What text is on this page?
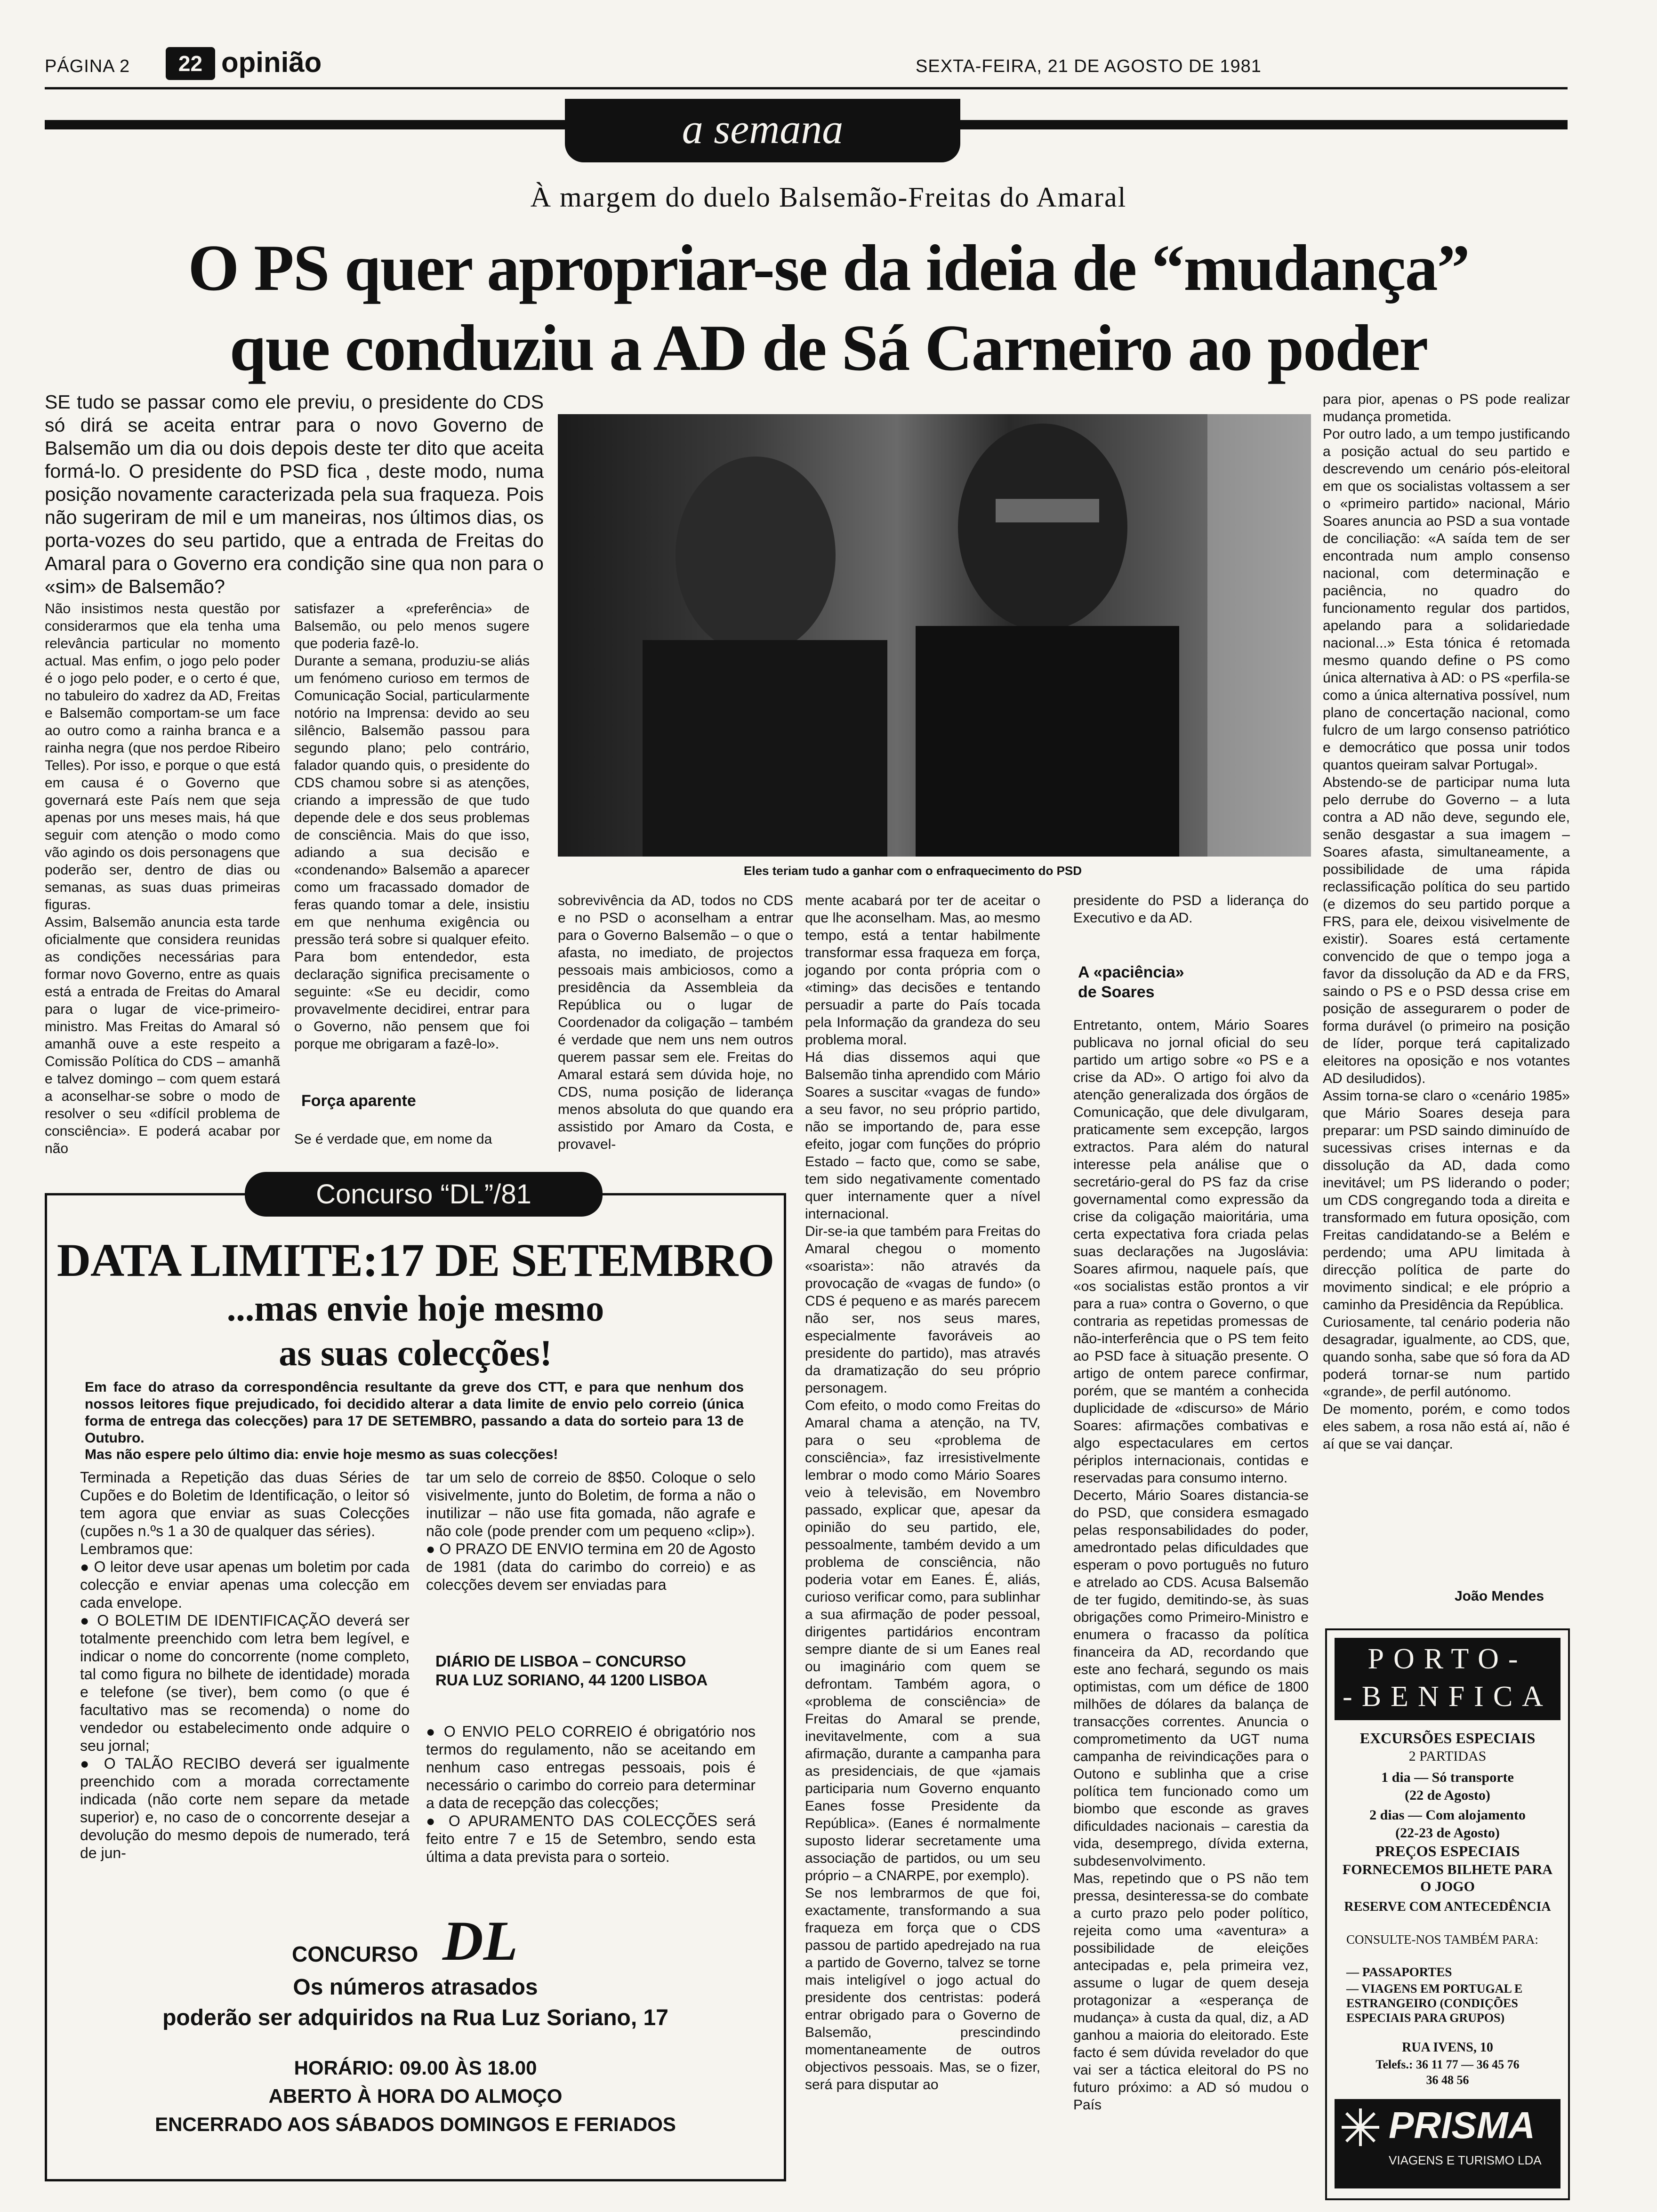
PÁGINA 2	22 opinião	SEXTA-FEIRA, 21 DE AGOSTO DE 1981
a semana
À margem do duelo Balsemão-Freitas do Amaral
O PS quer apropriar-se da ideia de “mudança”
que conduziu a AD de Sá Carneiro ao poder
SE tudo se passar como ele previu, o presidente do CDS só dirá se aceita entrar para o novo Governo de Balsemão um dia ou dois depois deste ter dito que aceita formá-lo. O presidente do PSD fica , deste modo, numa posição novamente caracterizada pela sua fraqueza. Pois não sugeriram de mil e um maneiras, nos últimos dias, os porta-vozes do seu partido, que a entrada de Freitas do Amaral para o Governo era condição sine qua non para o «sim» de Balsemão?
Eles teriam tudo a ganhar com o enfraquecimento do PSD
Não insistimos nesta questão por considerarmos que ela tenha uma relevância particular no momento actual. Mas enfim, o jogo pelo poder é o jogo pelo poder, e o certo é que, no tabuleiro do xadrez da AD, Freitas e Balsemão comportam-se um face ao outro como a rainha branca e a rainha negra (que nos perdoe Ribeiro Telles). Por isso, e porque o que está em causa é o Governo que governará este País nem que seja apenas por uns meses mais, há que seguir com atenção o modo como vão agindo os dois personagens que poderão ser, dentro de dias ou semanas, as suas duas primeiras figuras.
Assim, Balsemão anuncia esta tarde oficialmente que considera reunidas as condições necessárias para formar novo Governo, entre as quais está a entrada de Freitas do Amaral para o lugar de vice-primeiro-ministro. Mas Freitas do Amaral só amanhã ouve a este respeito a Comissão Política do CDS – amanhã e talvez domingo – com quem estará a aconselhar-se sobre o modo de resolver o seu «difícil problema de consciência». E poderá acabar por não
satisfazer a «preferência» de Balsemão, ou pelo menos sugere que poderia fazê-lo.
Durante a semana, produziu-se aliás um fenómeno curioso em termos de Comunicação Social, particularmente notório na Imprensa: devido ao seu silêncio, Balsemão passou para segundo plano; pelo contrário, falador quando quis, o presidente do CDS chamou sobre si as atenções, criando a impressão de que tudo depende dele e dos seus problemas de consciência. Mais do que isso, adiando a sua decisão e «condenando» Balsemão a aparecer como um fracassado domador de feras quando tomar a dele, insistiu em que nenhuma exigência ou pressão terá sobre si qualquer efeito. Para bom entendedor, esta declaração significa precisamente o seguinte: «Se eu decidir, como provavelmente decidirei, entrar para o Governo, não pensem que foi porque me obrigaram a fazê-lo».
Força aparente
Se é verdade que, em nome da
sobrevivência da AD, todos no CDS e no PSD o aconselham a entrar para o Governo Balsemão – o que o afasta, no imediato, de projectos pessoais mais ambiciosos, como a presidência da Assembleia da República ou o lugar de Coordenador da coligação – também é verdade que nem uns nem outros querem passar sem ele. Freitas do Amaral estará sem dúvida hoje, no CDS, numa posição de liderança menos absoluta do que quando era assistido por Amaro da Costa, e provavel-
mente acabará por ter de aceitar o que lhe aconselham. Mas, ao mesmo tempo, está a tentar habilmente transformar essa fraqueza em força, jogando por conta própria com o «timing» das decisões e tentando persuadir a parte do País tocada pela Informação da grandeza do seu problema moral.
Há dias dissemos aqui que Balsemão tinha aprendido com Mário Soares a suscitar «vagas de fundo» a seu favor, no seu próprio partido, não se importando de, para esse efeito, jogar com funções do próprio Estado – facto que, como se sabe, tem sido negativamente comentado quer internamente quer a nível internacional.
Dir-se-ia que também para Freitas do Amaral chegou o momento «soarista»: não através da provocação de «vagas de fundo» (o CDS é pequeno e as marés parecem não ser, nos seus mares, especialmente favoráveis ao presidente do partido), mas através da dramatização do seu próprio personagem.
Com efeito, o modo como Freitas do Amaral chama a atenção, na TV, para o seu «problema de consciência», faz irresistivelmente lembrar o modo como Mário Soares veio à televisão, em Novembro passado, explicar que, apesar da opinião do seu partido, ele, pessoalmente, também devido a um problema de consciência, não poderia votar em Eanes. É, aliás, curioso verificar como, para sublinhar a sua afirmação de poder pessoal, dirigentes partidários encontram sempre diante de si um Eanes real ou imaginário com quem se defrontam. Também agora, o «problema de consciência» de Freitas do Amaral se prende, inevitavelmente, com a sua afirmação, durante a campanha para as presidenciais, de que «jamais participaria num Governo enquanto Eanes fosse Presidente da República». (Eanes é normalmente suposto liderar secretamente uma associação de partidos, ou um seu próprio – a CNARPE, por exemplo).
Se nos lembrarmos de que foi, exactamente, transformando a sua fraqueza em força que o CDS passou de partido apedrejado na rua a partido de Governo, talvez se torne mais inteligível o jogo actual do presidente dos centristas: poderá entrar obrigado para o Governo de Balsemão, prescindindo momentaneamente de outros objectivos pessoais. Mas, se o fizer, será para disputar ao
presidente do PSD a liderança do Executivo e da AD.
A «paciência» de Soares
Entretanto, ontem, Mário Soares publicava no jornal oficial do seu partido um artigo sobre «o PS e a crise da AD». O artigo foi alvo da atenção generalizada dos órgãos de Comunicação, que dele divulgaram, praticamente sem excepção, largos extractos. Para além do natural interesse pela análise que o secretário-geral do PS faz da crise governamental como expressão da crise da coligação maioritária, uma certa expectativa fora criada pelas suas declarações na Jugoslávia: Soares afirmou, naquele país, que «os socialistas estão prontos a vir para a rua» contra o Governo, o que contraria as repetidas promessas de não-interferência que o PS tem feito ao PSD face à situação presente. O artigo de ontem parece confirmar, porém, que se mantém a conhecida duplicidade de «discurso» de Mário Soares: afirmações combativas e algo espectaculares em certos périplos internacionais, contidas e reservadas para consumo interno.
Decerto, Mário Soares distancia-se do PSD, que considera esmagado pelas responsabilidades do poder, amedrontado pelas dificuldades que esperam o povo português no futuro e atrelado ao CDS. Acusa Balsemão de ter fugido, demitindo-se, às suas obrigações como Primeiro-Ministro e enumera o fracasso da política financeira da AD, recordando que este ano fechará, segundo os mais optimistas, com um défice de 1800 milhões de dólares da balança de transacções correntes. Anuncia o comprometimento da UGT numa campanha de reivindicações para o Outono e sublinha que a crise política tem funcionado como um biombo que esconde as graves dificuldades nacionais – carestia da vida, desemprego, dívida externa, subdesenvolvimento.
Mas, repetindo que o PS não tem pressa, desinteressa-se do combate a curto prazo pelo poder político, rejeita como uma «aventura» a possibilidade de eleições antecipadas e, pela primeira vez, assume o lugar de quem deseja protagonizar a «esperança de mudança» à custa da qual, diz, a AD ganhou a maioria do eleitorado. Este facto é sem dúvida revelador do que vai ser a táctica eleitoral do PS no futuro próximo: a AD só mudou o País
para pior, apenas o PS pode realizar mudança prometida.
Por outro lado, a um tempo justificando a posição actual do seu partido e descrevendo um cenário pós-eleitoral em que os socialistas voltassem a ser o «primeiro partido» nacional, Mário Soares anuncia ao PSD a sua vontade de conciliação: «A saída tem de ser encontrada num amplo consenso nacional, com determinação e paciência, no quadro do funcionamento regular dos partidos, apelando para a solidariedade nacional...» Esta tónica é retomada mesmo quando define o PS como única alternativa à AD: o PS «perfila-se como a única alternativa possível, num plano de concertação nacional, como fulcro de um largo consenso patriótico e democrático que possa unir todos quantos queiram salvar Portugal».
Abstendo-se de participar numa luta pelo derrube do Governo – a luta contra a AD não deve, segundo ele, senão desgastar a sua imagem – Soares afasta, simultaneamente, a possibilidade de uma rápida reclassificação política do seu partido (e dizemos do seu partido porque a FRS, para ele, deixou visivelmente de existir). Soares está certamente convencido de que o tempo joga a favor da dissolução da AD e da FRS, saindo o PS e o PSD dessa crise em posição de assegurarem o poder de forma durável (o primeiro na posição de líder, porque terá capitalizado eleitores na oposição e nos votantes AD desiludidos).
Assim torna-se claro o «cenário 1985» que Mário Soares deseja para preparar: um PSD saindo diminuído de sucessivas crises internas e da dissolução da AD, dada como inevitável; um PS liderando o poder; um CDS congregando toda a direita e transformado em futura oposição, com Freitas candidatando-se a Belém e perdendo; uma APU limitada à direcção política de parte do movimento sindical; e ele próprio a caminho da Presidência da República.
Curiosamente, tal cenário poderia não desagradar, igualmente, ao CDS, que, quando sonha, sabe que só fora da AD poderá tornar-se num partido «grande», de perfil autónomo.
De momento, porém, e como todos eles sabem, a rosa não está aí, não é aí que se vai dançar.
João Mendes
Concurso “DL”/81
DATA LIMITE:17 DE SETEMBRO
...mas envie hoje mesmo
as suas colecções!
Em face do atraso da correspondência resultante da greve dos CTT, e para que nenhum dos nossos leitores fique prejudicado, foi decidido alterar a data limite de envio pelo correio (única forma de entrega das colecções) para 17 DE SETEMBRO, passando a data do sorteio para 13 de Outubro.
Mas não espere pelo último dia: envie hoje mesmo as suas colecções!
Terminada a Repetição das duas Séries de Cupões e do Boletim de Identificação, o leitor só tem agora que enviar as suas Colecções (cupões n.ºs 1 a 30 de qualquer das séries).
Lembramos que:
● O leitor deve usar apenas um boletim por cada colecção e enviar apenas uma colecção em cada envelope.
● O BOLETIM DE IDENTIFICAÇÃO deverá ser totalmente preenchido com letra bem legível, e indicar o nome do concorrente (nome completo, tal como figura no bilhete de identidade) morada e telefone (se tiver), bem como (o que é facultativo mas se recomenda) o nome do vendedor ou estabelecimento onde adquire o seu jornal;
● O TALÃO RECIBO deverá ser igualmente preenchido com a morada correctamente indicada (não corte nem separe da metade superior) e, no caso de o concorrente desejar a devolução do mesmo depois de numerado, terá de jun-
tar um selo de correio de 8$50. Coloque o selo visivelmente, junto do Boletim, de forma a não o inutilizar – não use fita gomada, não agrafe e não cole (pode prender com um pequeno «clip»).
● O PRAZO DE ENVIO termina em 20 de Agosto de 1981 (data do carimbo do correio) e as colecções devem ser enviadas para
DIÁRIO DE LISBOA – CONCURSO
RUA LUZ SORIANO, 44 1200 LISBOA
● O ENVIO PELO CORREIO é obrigatório nos termos do regulamento, não se aceitando em nenhum caso entregas pessoais, pois é necessário o carimbo do correio para determinar a data de recepção das colecções;
● O APURAMENTO DAS COLECÇÕES será feito entre 7 e 15 de Setembro, sendo esta última a data prevista para o sorteio.
CONCURSO DL
Os números atrasados
poderão ser adquiridos na Rua Luz Soriano, 17
HORÁRIO: 09.00 ÀS 18.00
ABERTO À HORA DO ALMOÇO
ENCERRADO AOS SÁBADOS DOMINGOS E FERIADOS
PORTO-
-BENFICA
EXCURSÕES ESPECIAIS
2 PARTIDAS
1 dia — Só transporte
(22 de Agosto)
2 dias — Com alojamento
(22-23 de Agosto)
PREÇOS ESPECIAIS
FORNECEMOS BILHETE PARA O JOGO
RESERVE COM ANTECEDÊNCIA
CONSULTE-NOS TAMBÉM PARA:
— PASSAPORTES
— VIAGENS EM PORTUGAL E ESTRANGEIRO (CONDIÇÕES ESPECIAIS PARA GRUPOS)
RUA IVENS, 10
Telefs.: 36 11 77 — 36 45 76
36 48 56
PRISMA
VIAGENS E TURISMO LDA
